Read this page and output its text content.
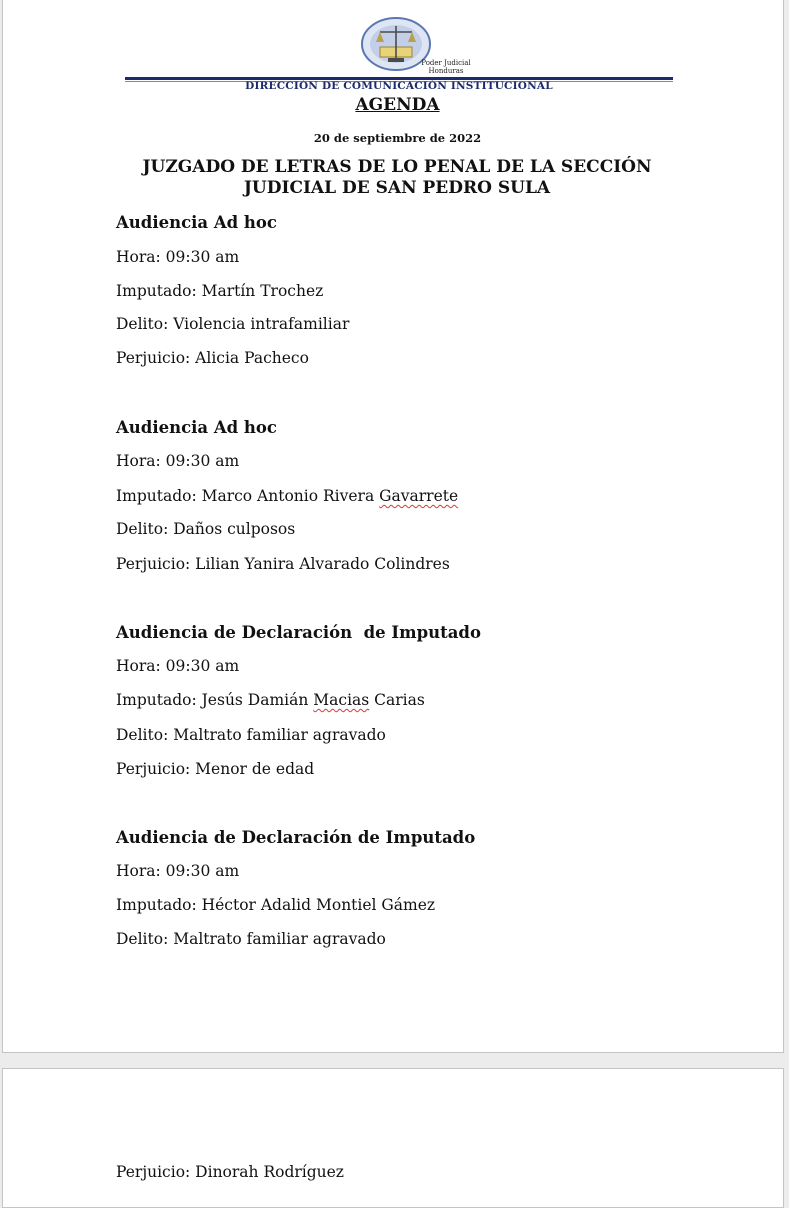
Poder Judicial
Honduras
DIRECCIÓN DE COMUNICACIÓN INSTITUCIONAL
AGENDA
20 de septiembre de 2022
JUZGADO DE LETRAS DE LO PENAL DE LA SECCIÓN
JUDICIAL DE SAN PEDRO SULA
Audiencia Ad hoc
Hora: 09:30 am
Imputado: Martín Trochez
Delito: Violencia intrafamiliar
Perjuicio: Alicia Pacheco
Audiencia Ad hoc
Hora: 09:30 am
Imputado: Marco Antonio Rivera Gavarrete
Delito: Daños culposos
Perjuicio: Lilian Yanira Alvarado Colindres
Audiencia de Declaración  de Imputado
Hora: 09:30 am
Imputado: Jesús Damián Macias Carias
Delito: Maltrato familiar agravado
Perjuicio: Menor de edad
Audiencia de Declaración de Imputado
Hora: 09:30 am
Imputado: Héctor Adalid Montiel Gámez
Delito: Maltrato familiar agravado
Perjuicio: Dinorah Rodríguez
